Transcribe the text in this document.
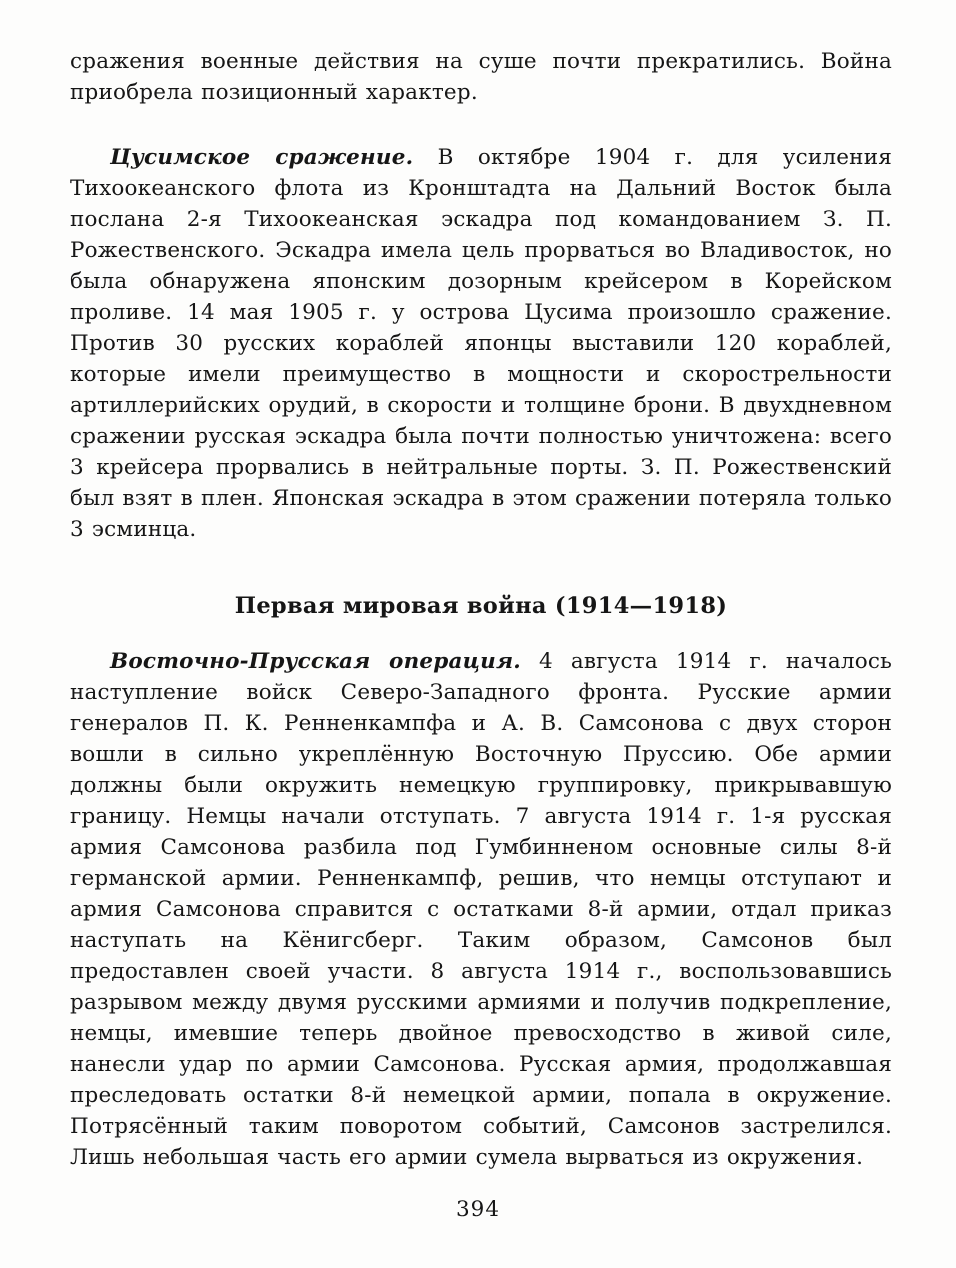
сражения военные действия на суше почти прекратились. Война приобрела позиционный характер.

Цусимское сражение. В октябре 1904 г. для усиления Тихоокеанского флота из Кронштадта на Дальний Восток была послана 2-я Тихоокеанская эскадра под командованием З. П. Рожественского. Эскадра имела цель прорваться во Владивосток, но была обнаружена японским дозорным крейсером в Корейском проливе. 14 мая 1905 г. у острова Цусима произошло сражение. Против 30 русских кораблей японцы выставили 120 кораблей, которые имели преимущество в мощности и скорострельности артиллерийских орудий, в скорости и толщине брони. В двухдневном сражении русская эскадра была почти полностью уничтожена: всего 3 крейсера прорвались в нейтральные порты. З. П. Рожественский был взят в плен. Японская эскадра в этом сражении потеряла только 3 эсминца.

Первая мировая война (1914—1918)

Восточно-Прусская операция. 4 августа 1914 г. началось наступление войск Северо-Западного фронта. Русские армии генералов П. К. Ренненкампфа и А. В. Самсонова с двух сторон вошли в сильно укреплённую Восточную Пруссию. Обе армии должны были окружить немецкую группировку, прикрывавшую границу. Немцы начали отступать. 7 августа 1914 г. 1-я русская армия Самсонова разбила под Гумбинненом основные силы 8-й германской армии. Ренненкампф, решив, что немцы отступают и армия Самсонова справится с остатками 8-й армии, отдал приказ наступать на Кёнигсберг. Таким образом, Самсонов был предоставлен своей участи. 8 августа 1914 г., воспользовавшись разрывом между двумя русскими армиями и получив подкрепление, немцы, имевшие теперь двойное превосходство в живой силе, нанесли удар по армии Самсонова. Русская армия, продолжавшая преследовать остатки 8-й немецкой армии, попала в окружение. Потрясённый таким поворотом событий, Самсонов застрелился. Лишь небольшая часть его армии сумела вырваться из окружения.

394
